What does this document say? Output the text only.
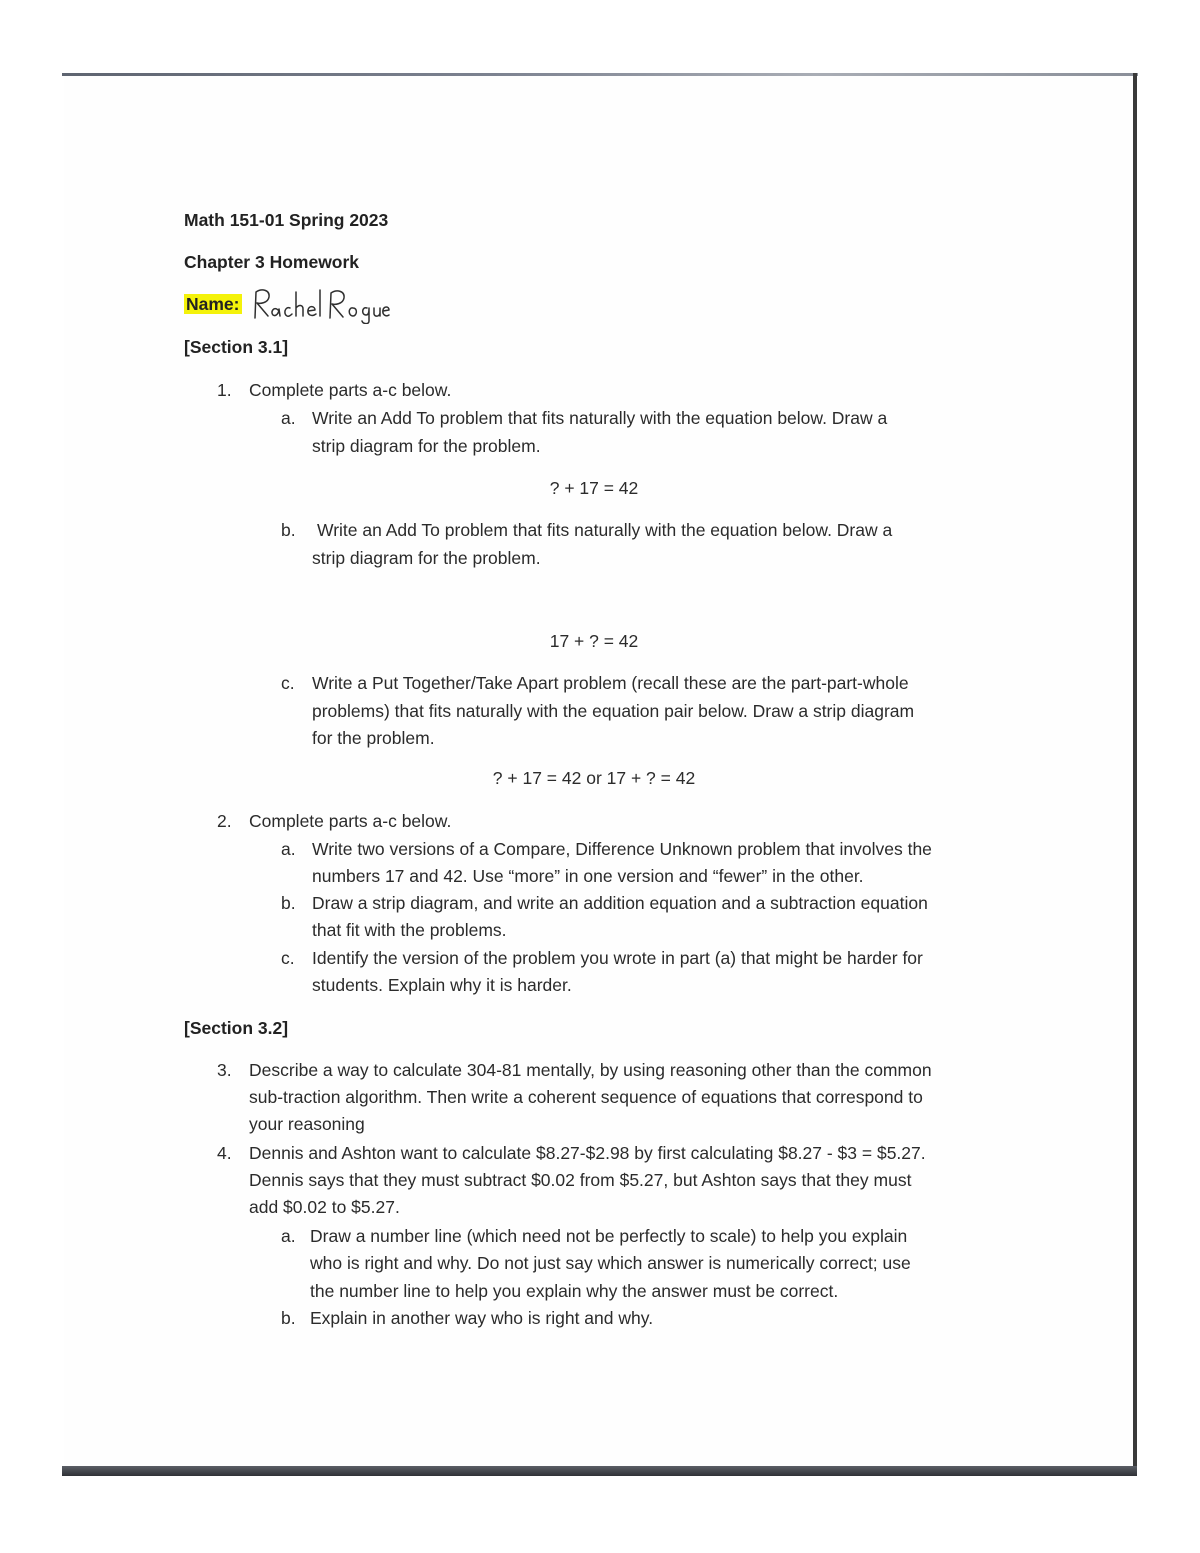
Math 151-01 Spring 2023
Chapter 3 Homework
Name:
[Section 3.1]
1. Complete parts a-c below.
a. Write an Add To problem that fits naturally with the equation below. Draw a
strip diagram for the problem.
? + 17 = 42
b. Write an Add To problem that fits naturally with the equation below. Draw a
strip diagram for the problem.
17 + ? = 42
c. Write a Put Together/Take Apart problem (recall these are the part-part-whole
problems) that fits naturally with the equation pair below. Draw a strip diagram
for the problem.
? + 17 = 42 or 17 + ? = 42
2. Complete parts a-c below.
a. Write two versions of a Compare, Difference Unknown problem that involves the
numbers 17 and 42. Use “more” in one version and “fewer” in the other.
b. Draw a strip diagram, and write an addition equation and a subtraction equation
that fit with the problems.
c. Identify the version of the problem you wrote in part (a) that might be harder for
students. Explain why it is harder.
[Section 3.2]
3. Describe a way to calculate 304-81 mentally, by using reasoning other than the common
sub-traction algorithm. Then write a coherent sequence of equations that correspond to
your reasoning
4. Dennis and Ashton want to calculate $8.27-$2.98 by first calculating $8.27 - $3 = $5.27.
Dennis says that they must subtract $0.02 from $5.27, but Ashton says that they must
add $0.02 to $5.27.
a. Draw a number line (which need not be perfectly to scale) to help you explain
who is right and why. Do not just say which answer is numerically correct; use
the number line to help you explain why the answer must be correct.
b. Explain in another way who is right and why.
